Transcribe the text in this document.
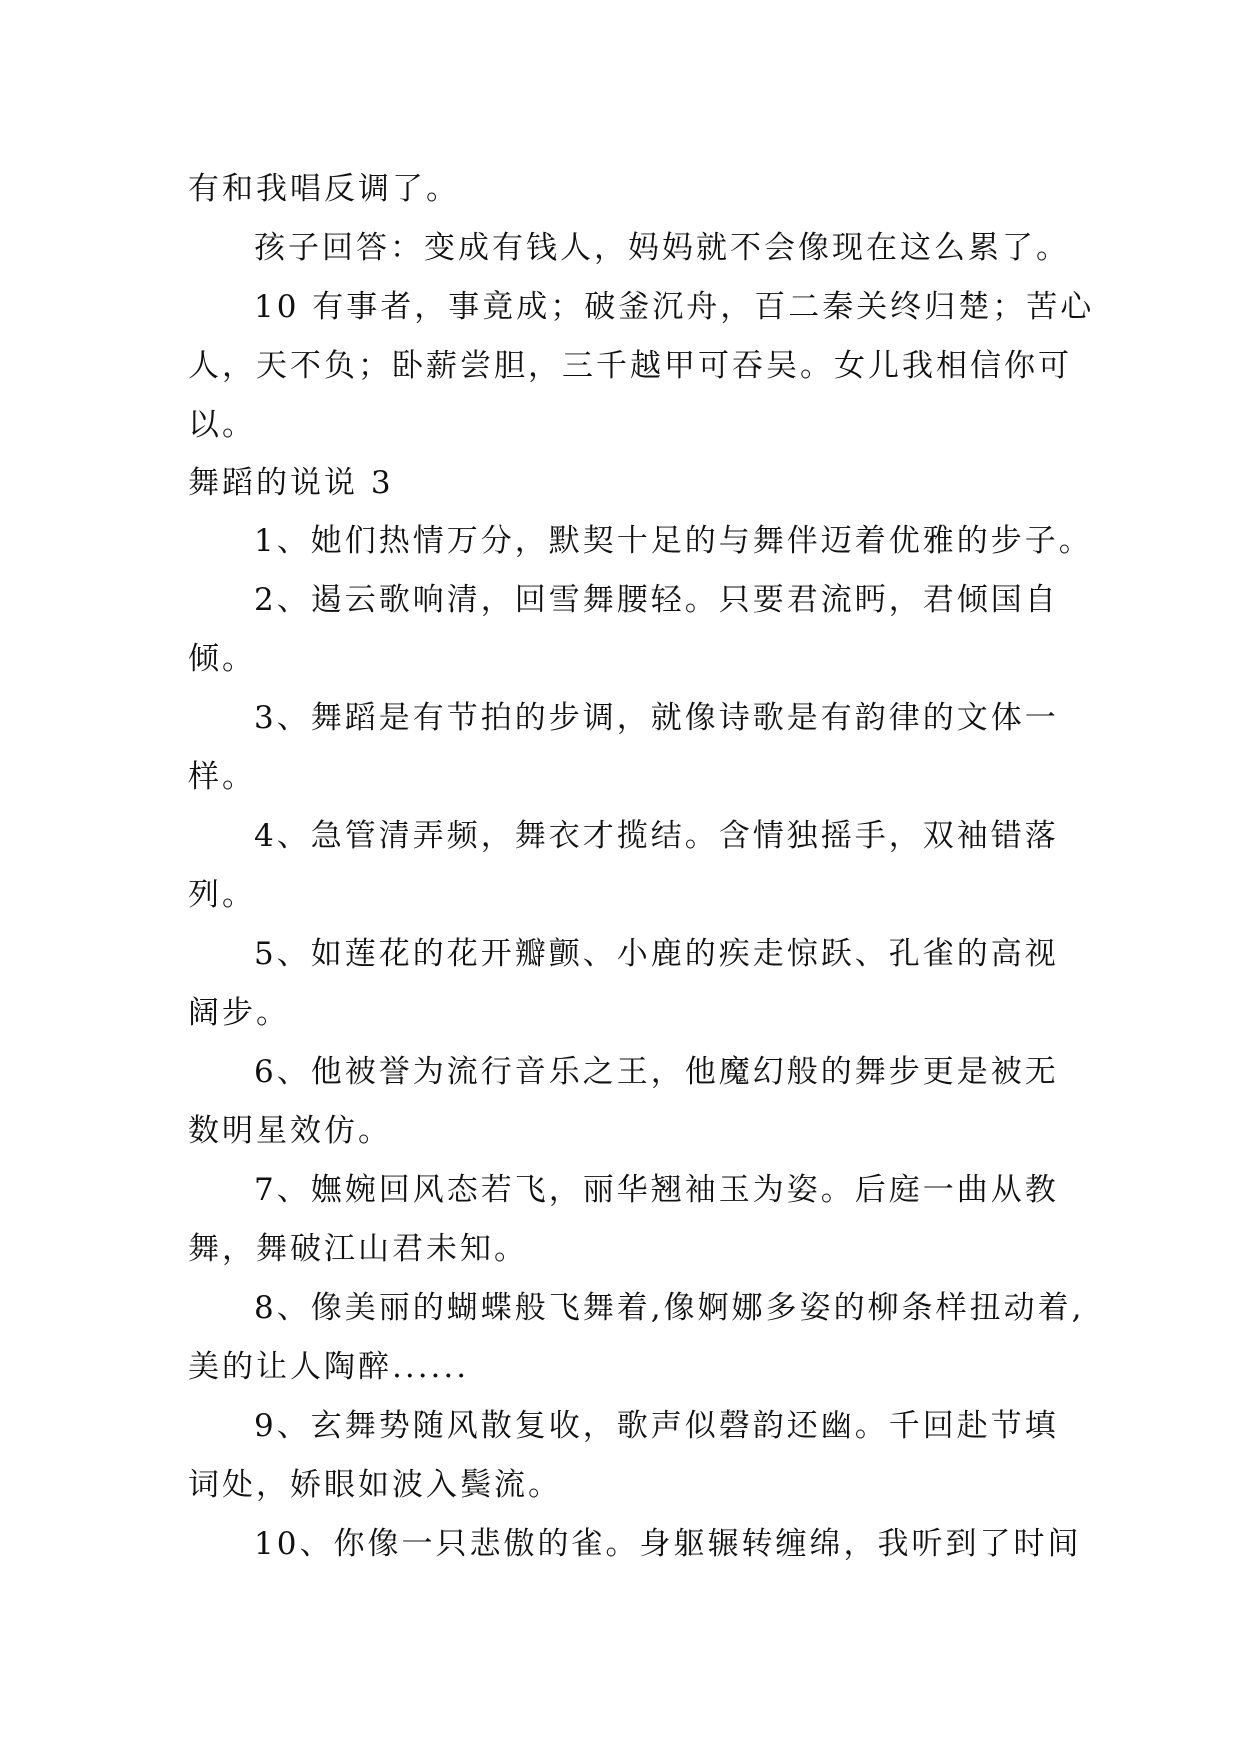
有和我唱反调了。
孩子回答：变成有钱人，妈妈就不会像现在这么累了。
10 有事者，事竟成；破釜沉舟，百二秦关终归楚；苦心
人，天不负；卧薪尝胆，三千越甲可吞吴。女儿我相信你可
以。
舞蹈的说说 3
1、她们热情万分，默契十足的与舞伴迈着优雅的步子。
2、遏云歌响清，回雪舞腰轻。只要君流眄，君倾国自
倾。
3、舞蹈是有节拍的步调，就像诗歌是有韵律的文体一
样。
4、急管清弄频，舞衣才揽结。含情独摇手，双袖错落
列。
5、如莲花的花开瓣颤、小鹿的疾走惊跃、孔雀的高视
阔步。
6、他被誉为流行音乐之王，他魔幻般的舞步更是被无
数明星效仿。
7、嫵婉回风态若飞，丽华翘袖玉为姿。后庭一曲从教
舞，舞破江山君未知。
8、像美丽的蝴蝶般飞舞着,像婀娜多姿的柳条样扭动着,
美的让人陶醉......
9、玄舞势随风散复收，歌声似磬韵还幽。千回赴节填
词处，娇眼如波入鬓流。
10、你像一只悲傲的雀。身躯辗转缠绵，我听到了时间
